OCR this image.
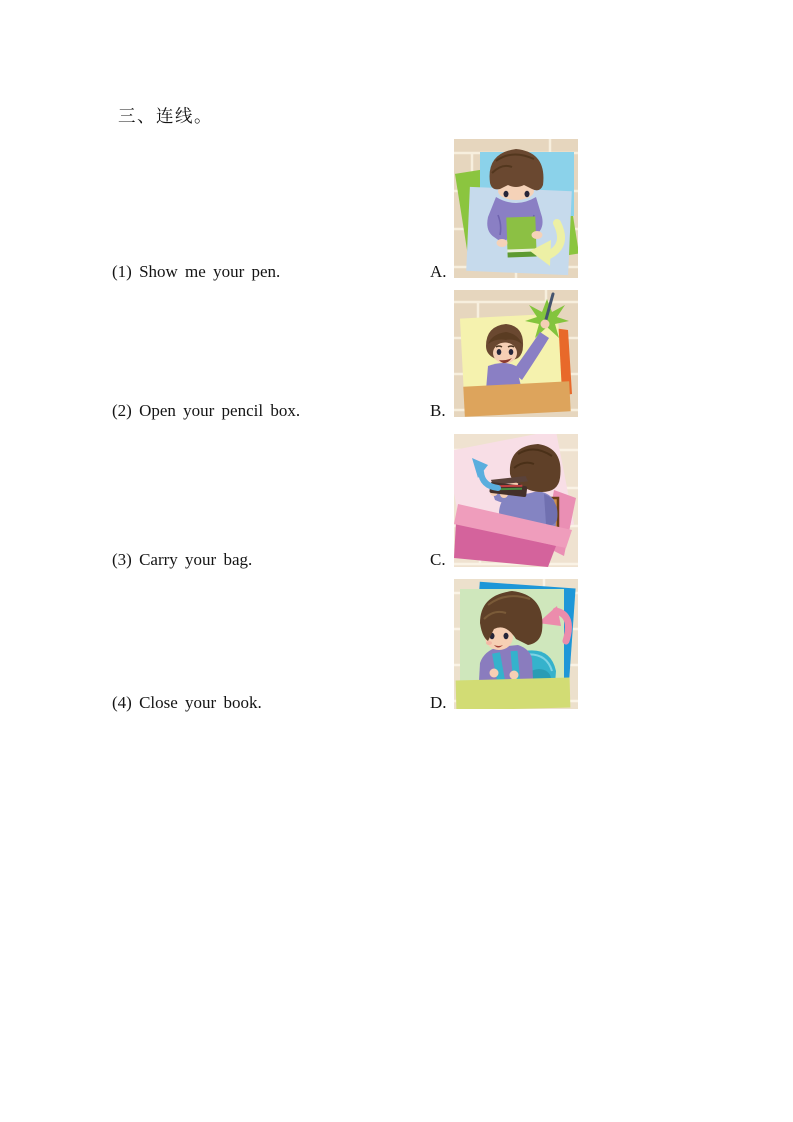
三、连线。
(1) Show me your pen.
(2) Open your pencil box.
(3) Carry your bag.
(4) Close your book.
A.
B.
C.
D.
